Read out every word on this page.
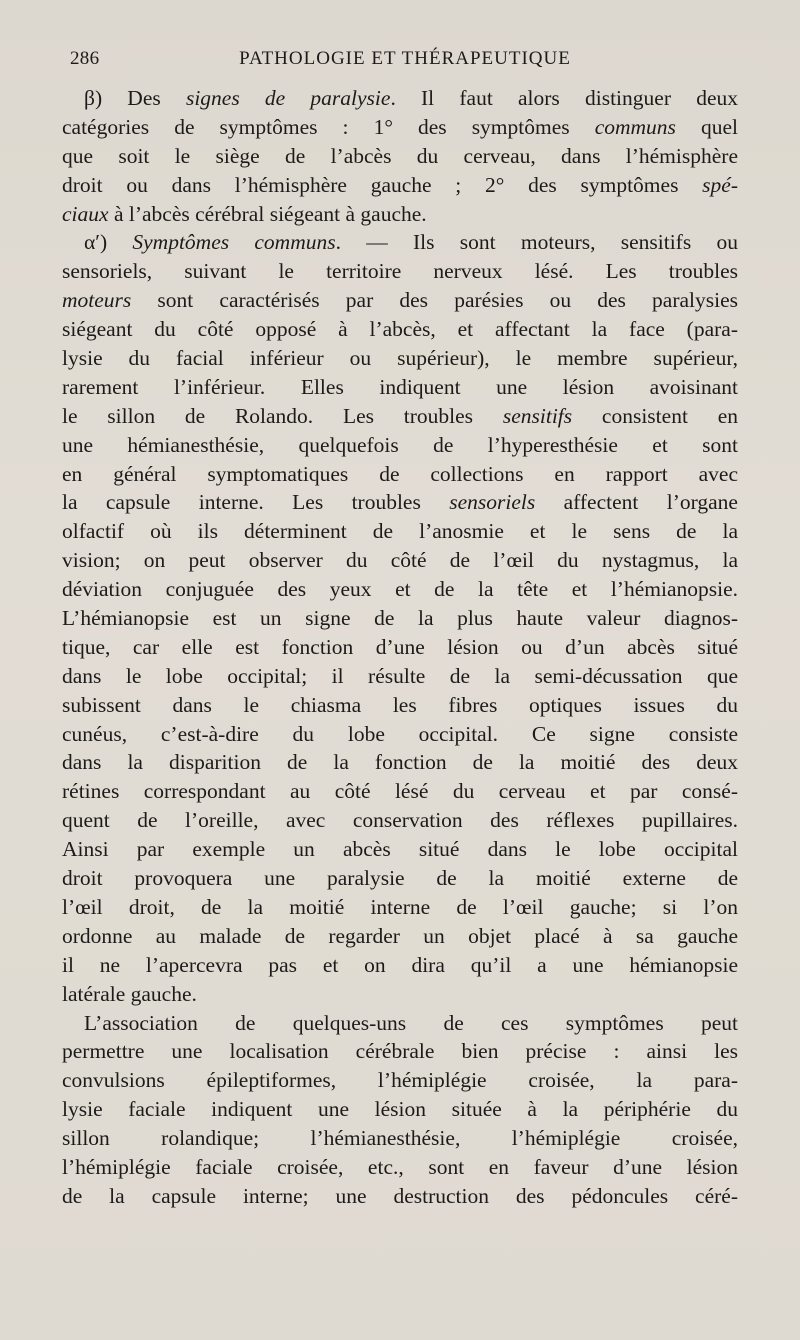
286	PATHOLOGIE ET THÉRAPEUTIQUE
β) Des signes de paralysie. Il faut alors distinguer deux
catégories de symptômes : 1° des symptômes communs quel
que soit le siège de l’abcès du cerveau, dans l’hémisphère
droit ou dans l’hémisphère gauche ; 2° des symptômes spé-
ciaux à l’abcès cérébral siégeant à gauche.
α′) Symptômes communs. — Ils sont moteurs, sensitifs ou
sensoriels, suivant le territoire nerveux lésé. Les troubles
moteurs sont caractérisés par des parésies ou des paralysies
siégeant du côté opposé à l’abcès, et affectant la face (para-
lysie du facial inférieur ou supérieur), le membre supérieur,
rarement l’inférieur. Elles indiquent une lésion avoisinant
le sillon de Rolando. Les troubles sensitifs consistent en
une hémianesthésie, quelquefois de l’hyperesthésie et sont
en général symptomatiques de collections en rapport avec
la capsule interne. Les troubles sensoriels affectent l’organe
olfactif où ils déterminent de l’anosmie et le sens de la
vision; on peut observer du côté de l’œil du nystagmus, la
déviation conjuguée des yeux et de la tête et l’hémianopsie.
L’hémianopsie est un signe de la plus haute valeur diagnos-
tique, car elle est fonction d’une lésion ou d’un abcès situé
dans le lobe occipital; il résulte de la semi-décussation que
subissent dans le chiasma les fibres optiques issues du
cunéus, c’est-à-dire du lobe occipital. Ce signe consiste
dans la disparition de la fonction de la moitié des deux
rétines correspondant au côté lésé du cerveau et par consé-
quent de l’oreille, avec conservation des réflexes pupillaires.
Ainsi par exemple un abcès situé dans le lobe occipital
droit provoquera une paralysie de la moitié externe de
l’œil droit, de la moitié interne de l’œil gauche; si l’on
ordonne au malade de regarder un objet placé à sa gauche
il ne l’apercevra pas et on dira qu’il a une hémianopsie
latérale gauche.
L’association de quelques-uns de ces symptômes peut
permettre une localisation cérébrale bien précise : ainsi les
convulsions épileptiformes, l’hémiplégie croisée, la para-
lysie faciale indiquent une lésion située à la périphérie du
sillon rolandique; l’hémianesthésie, l’hémiplégie croisée,
l’hémiplégie faciale croisée, etc., sont en faveur d’une lésion
de la capsule interne; une destruction des pédoncules céré-
